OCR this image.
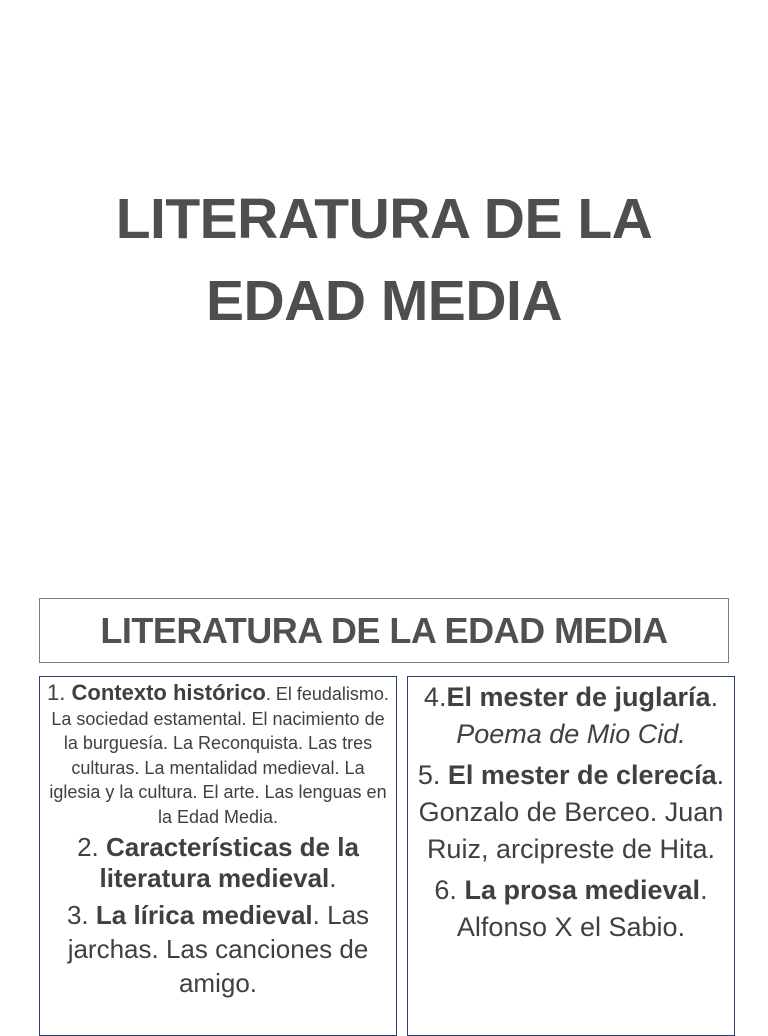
LITERATURA DE LA
EDAD MEDIA
LITERATURA DE LA EDAD MEDIA

1. Contexto histórico. El feudalismo. La sociedad estamental. El nacimiento de la burguesía. La Reconquista. Las tres culturas. La mentalidad medieval. La iglesia y la cultura. El arte. Las lenguas en la Edad Media.

2. Características de la literatura medieval.

3. La lírica medieval. Las jarchas. Las canciones de amigo.

4.El mester de juglaría. Poema de Mio Cid.

5. El mester de clerecía. Gonzalo de Berceo. Juan Ruiz, arcipreste de Hita.

6. La prosa medieval. Alfonso X el Sabio.
